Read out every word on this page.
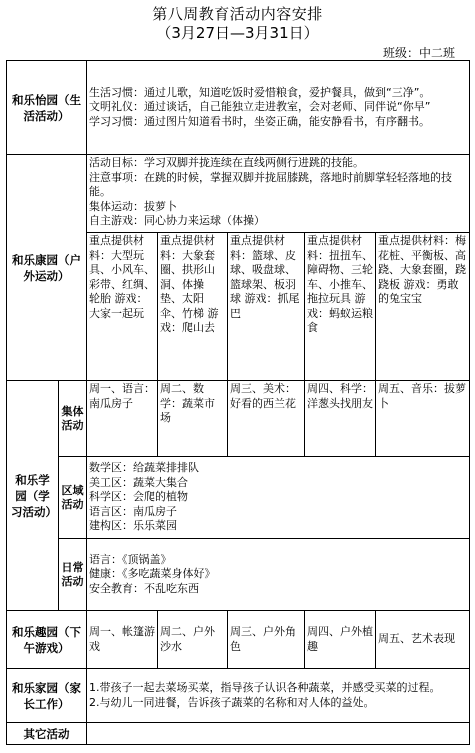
第八周教育活动内容安排
（3月27日—3月31日）
班级：中二班
和乐怡园（生活活动）		生活习惯：通过儿歌，知道吃饭时爱惜粮食，爱护餐具，做到“三净”。
文明礼仪：通过谈话，自己能独立走进教室，会对老师、同伴说“你早”
学习习惯：通过图片知道看书时，坐姿正确，能安静看书，有序翻书。				

和乐康园（户外运动）		活动目标：学习双脚并拢连续在直线两侧行进跳的技能。
注意事项：在跳的时候，掌握双脚并拢屈膝跳，落地时前脚掌轻轻落地的技能。
集体运动：拔萝卜
自主游戏：同心协力来运球（体操）				

		重点提供材料：大型玩具、小风车、彩带、红绸、轮胎 游戏：大家一起玩	重点提供材料：大象套圈、拱形山洞、体操垫、太阳伞、竹梯 游戏：爬山去	重点提供材料：篮球、皮球、吸盘球、篮球架、板羽球 游戏：抓尾巴	重点提供材料：扭扭车、障碍物、三轮车、小推车、拖拉玩具 游戏：蚂蚁运粮食	重点提供材料：梅花桩、平衡板、高跷、大象套圈，跷跷板 游戏：勇敢的兔宝宝
和乐学园（学习活动）	集体活动	周一、语言：南瓜房子	周二、数学：蔬菜市场	周三、美术：好看的西兰花	周四、科学：洋葱头找朋友	周五、音乐：拔萝卜
	区域活动	数学区：给蔬菜排排队
美工区：蔬菜大集合
科学区：会爬的植物
语言区：南瓜房子
建构区：乐乐菜园				

	日常活动	语言：《顶锅盖》
健康：《多吃蔬菜身体好》
安全教育：不乱吃东西				

和乐趣园（下午游戏）		周一、帐篷游戏	周二、户外沙水	周三、户外角色	周四、户外植趣	周五、艺术表现
和乐家园（家长工作）		1.带孩子一起去菜场买菜，指导孩子认识各种蔬菜，并感受买菜的过程。
2.与幼儿一同进餐，告诉孩子蔬菜的名称和对人体的益处。				

其它活动						
